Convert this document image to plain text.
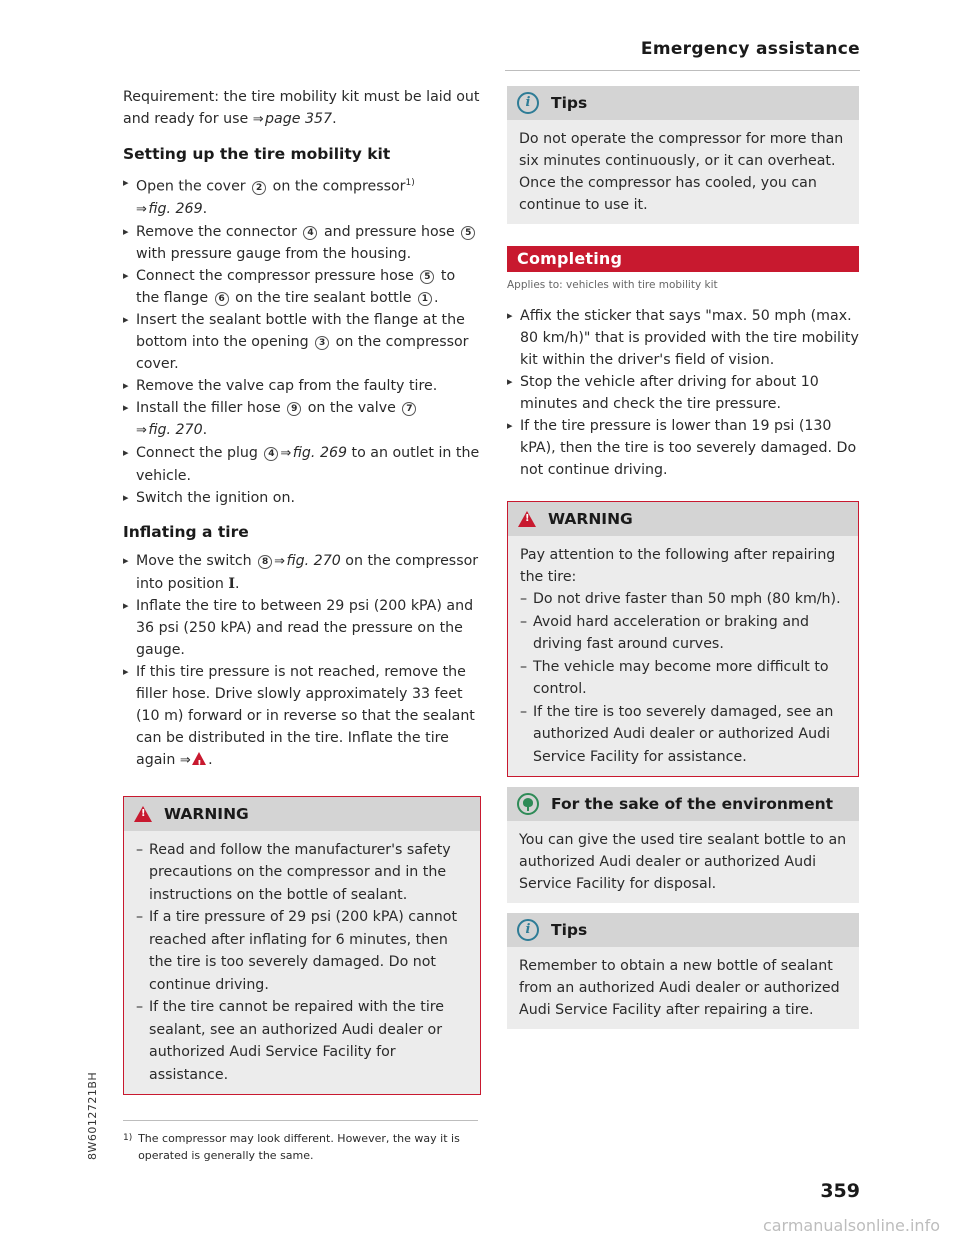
Emergency assistance

Requirement: the tire mobility kit must be laid out and ready for use ⇒ page 357.

Setting up the tire mobility kit
▸ Open the cover 2 on the compressor$^{1)}$
⇒ fig. 269.
▸ Remove the connector 4 and pressure hose 5 with pressure gauge from the housing.
▸ Connect the compressor pressure hose 5 to the flange 6 on the tire sealant bottle 1 .
▸ Insert the sealant bottle with the flange at the bottom into the opening 3 on the compressor cover.
▸ Remove the valve cap from the faulty tire.
▸ Install the filler hose 9 on the valve 7
⇒ fig. 270.
▸ Connect the plug 4 ⇒ fig. 269 to an outlet in the vehicle.
▸ Switch the ignition on.
Inflating a tire
▸ Move the switch 8 ⇒ fig. 270 on the compressor into position I.
▸ Inflate the tire to between 29 psi (200 kPA) and 36 psi (250 kPA) and read the pressure on the gauge.
▸ If this tire pressure is not reached, remove the filler hose. Drive slowly approximately 33 feet (10 m) forward or in reverse so that the sealant can be distributed in the tire. Inflate the tire again ⇒ ! .
!
WARNING
– Read and follow the manufacturer's safety precautions on the compressor and in the instructions on the bottle of sealant.
– If a tire pressure of 29 psi (200 kPA) cannot reached after inflating for 6 minutes, then the tire is too severely damaged. Do not continue driving.
– If the tire cannot be repaired with the tire sealant, see an authorized Audi dealer or authorized Audi Service Facility for assistance.
i	Tips

Do not operate the compressor for more than six minutes continuously, or it can overheat. Once the compressor has cooled, you can continue to use it.

Completing
Applies to: vehicles with tire mobility kit
▸ Affix the sticker that says "max. 50 mph (max. 80 km/h)" that is provided with the tire mobility kit within the driver's field of vision.
▸ Stop the vehicle after driving for about 10 minutes and check the tire pressure.
▸ If the tire pressure is lower than 19 psi (130 kPA), then the tire is too severely damaged. Do not continue driving.
!
WARNING

Pay attention to the following after repairing the tire:

– Do not drive faster than 50 mph (80 km/h).
– Avoid hard acceleration or braking and driving fast around curves.
– The vehicle may become more difficult to control.
– If the tire is too severely damaged, see an authorized Audi dealer or authorized Audi Service Facility for assistance.
For the sake of the environment

You can give the used tire sealant bottle to an authorized Audi dealer or authorized Audi Service Facility for disposal.

i	Tips

Remember to obtain a new bottle of sealant from an authorized Audi dealer or authorized Audi Service Facility after repairing a tire.

1) The compressor may look different. However, the way it is operated is generally the same.
8W6012721BH
359
carmanualsonline.info
